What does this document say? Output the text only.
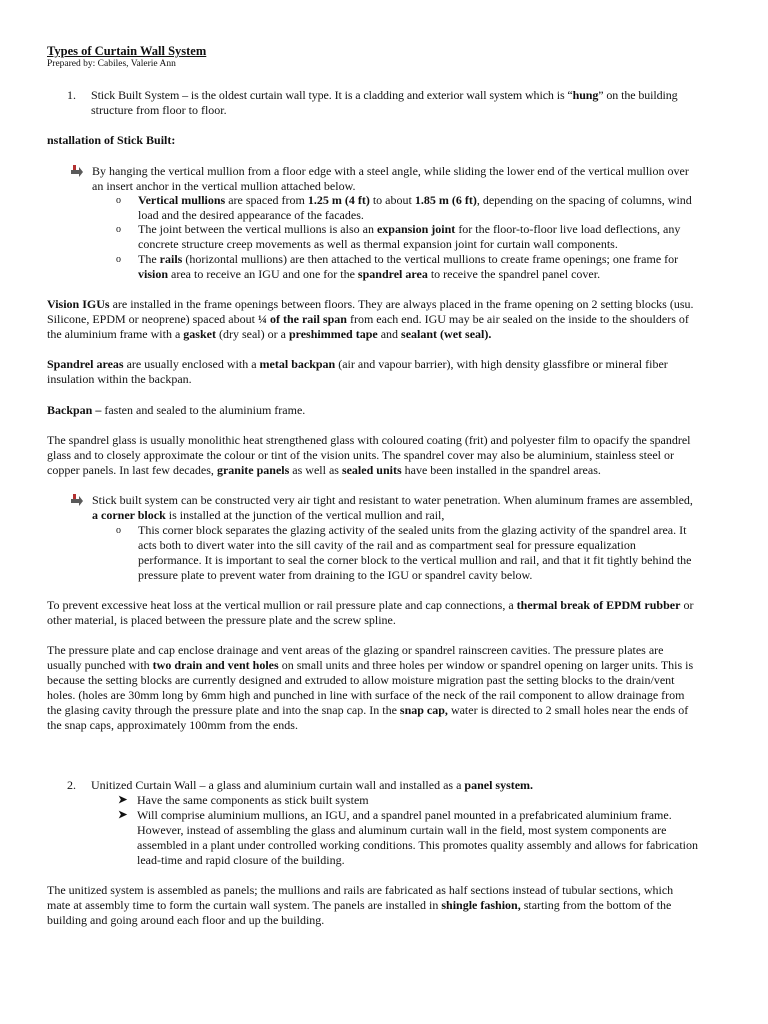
Types of Curtain Wall System
Prepared by: Cabiles, Valerie Ann
1. Stick Built System – is the oldest curtain wall type. It is a cladding and exterior wall system which is “hung” on the building
structure from floor to floor.
nstallation of Stick Built:
By hanging the vertical mullion from a floor edge with a steel angle, while sliding the lower end of the vertical mullion over
an insert anchor in the vertical mullion attached below.
o Vertical mullions are spaced from 1.25 m (4 ft) to about 1.85 m (6 ft), depending on the spacing of columns, wind
load and the desired appearance of the facades.
o The joint between the vertical mullions is also an expansion joint for the floor-to-floor live load deflections, any
concrete structure creep movements as well as thermal expansion joint for curtain wall components.
o The rails (horizontal mullions) are then attached to the vertical mullions to create frame openings; one frame for
vision area to receive an IGU and one for the spandrel area to receive the spandrel panel cover.
Vision IGUs are installed in the frame openings between floors. They are always placed in the frame opening on 2 setting blocks (usu.
Silicone, EPDM or neoprene) spaced about ¼ of the rail span from each end. IGU may be air sealed on the inside to the shoulders of
the aluminium frame with a gasket (dry seal) or a preshimmed tape and sealant (wet seal).
Spandrel areas are usually enclosed with a metal backpan (air and vapour barrier), with high density glassfibre or mineral fiber
insulation within the backpan.
Backpan – fasten and sealed to the aluminium frame.
The spandrel glass is usually monolithic heat strengthened glass with coloured coating (frit) and polyester film to opacify the spandrel
glass and to closely approximate the colour or tint of the vision units. The spandrel cover may also be aluminium, stainless steel or
copper panels. In last few decades, granite panels as well as sealed units have been installed in the spandrel areas.
Stick built system can be constructed very air tight and resistant to water penetration. When aluminum frames are assembled,
a corner block is installed at the junction of the vertical mullion and rail,
o This corner block separates the glazing activity of the sealed units from the glazing activity of the spandrel area. It
acts both to divert water into the sill cavity of the rail and as compartment seal for pressure equalization
performance. It is important to seal the corner block to the vertical mullion and rail, and that it fit tightly behind the
pressure plate to prevent water from draining to the IGU or spandrel cavity below.
To prevent excessive heat loss at the vertical mullion or rail pressure plate and cap connections, a thermal break of EPDM rubber or
other material, is placed between the pressure plate and the screw spline.
The pressure plate and cap enclose drainage and vent areas of the glazing or spandrel rainscreen cavities. The pressure plates are
usually punched with two drain and vent holes on small units and three holes per window or spandrel opening on larger units. This is
because the setting blocks are currently designed and extruded to allow moisture migration past the setting blocks to the drain/vent
holes. (holes are 30mm long by 6mm high and punched in line with surface of the neck of the rail component to allow drainage from
the glasing cavity through the pressure plate and into the snap cap. In the snap cap, water is directed to 2 small holes near the ends of
the snap caps, approximately 100mm from the ends.
2. Unitized Curtain Wall – a glass and aluminium curtain wall and installed as a panel system.
➤ Have the same components as stick built system
➤ Will comprise aluminium mullions, an IGU, and a spandrel panel mounted in a prefabricated aluminium frame.
However, instead of assembling the glass and aluminum curtain wall in the field, most system components are
assembled in a plant under controlled working conditions. This promotes quality assembly and allows for fabrication
lead-time and rapid closure of the building.
The unitized system is assembled as panels; the mullions and rails are fabricated as half sections instead of tubular sections, which
mate at assembly time to form the curtain wall system. The panels are installed in shingle fashion, starting from the bottom of the
building and going around each floor and up the building.
